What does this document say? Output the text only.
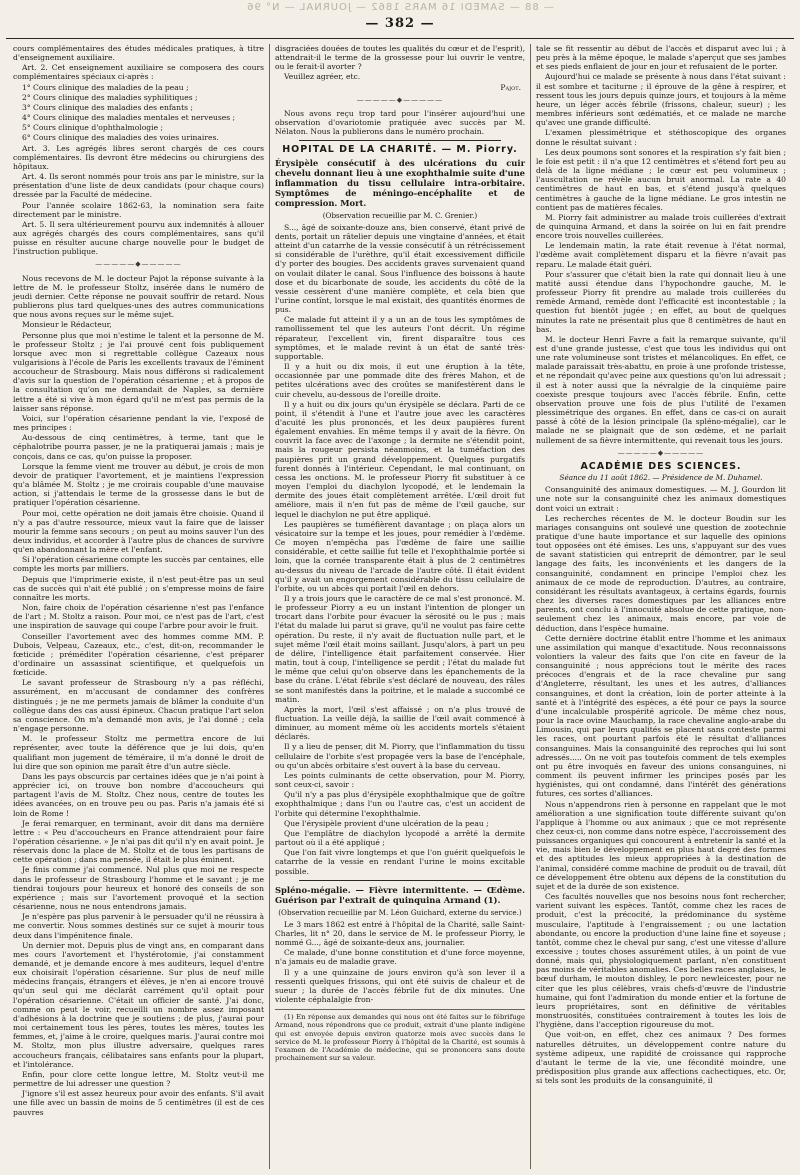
— 88 — SAMEDI 16 MARS 1862 — JOURNAL — N° 96
— 382 —

cours complémentaires des études médicales pratiques, à titre d'enseignement auxiliaire.

Art. 2. Cet enseignement auxiliaire se composera des cours complémentaires spéciaux ci-après :

1° Cours clinique des maladies de la peau ;

2° Cours clinique des maladies syphilitiques ;

3° Cours clinique des maladies des enfants ;

4° Cours clinique des maladies mentales et nerveuses ;

5° Cours clinique d'ophthalmologie ;

6° Cours clinique des maladies des voies urinaires.

Art. 3. Les agrégés libres seront chargés de ces cours complémentaires. Ils devront être médecins ou chirurgiens des hôpitaux.

Art. 4. Ils seront nommés pour trois ans par le ministre, sur la présentation d'une liste de deux candidats (pour chaque cours) dressée par la Faculté de médecine.

Pour l'année scolaire 1862-63, la nomination sera faite directement par le ministre.

Art. 5. Il sera ultérieurement pourvu aux indemnités à allouer aux agrégés chargés des cours complémentaires, sans qu'il puisse en résulter aucune charge nouvelle pour le budget de l'instruction publique.

—————◆—————

Nous recevons de M. le docteur Pajot la réponse suivante à la lettre de M. le professeur Stoltz, insérée dans le numéro de jeudi dernier. Cette réponse ne pouvait souffrir de retard. Nous publierons plus tard quelques-unes des autres communications que nous avons reçues sur le même sujet.

Monsieur le Rédacteur,

Personne plus que moi n'estime le talent et la personne de M. le professeur Stoltz ; je l'ai prouvé cent fois publiquement lorsque avec mon si regrettable collègue Cazeaux nous vulgarisions à l'école de Paris les excellents travaux de l'éminent accoucheur de Strasbourg. Mais nous différons si radicalement d'avis sur la question de l'opération césarienne ; et à propos de la consultation qu'on me demandait de Naples, sa dernière lettre a été si vive à mon égard qu'il ne m'est pas permis de la laisser sans réponse.

Voici, sur l'opération césarienne pendant la vie, l'exposé de mes principes :

Au-dessous de cinq centimètres, à terme, tant que le céphalotribe pourra passer, je ne la pratiquerai jamais ; mais je conçois, dans ce cas, qu'on puisse la proposer.

Lorsque la femme vient me trouver au début, je crois de mon devoir de pratiquer l'avortement, et je maintiens l'expression qu'a blâmée M. Stoltz ; je me croirais coupable d'une mauvaise action, si j'attendais le terme de la grossesse dans le but de pratiquer l'opération césarienne.

Pour moi, cette opération ne doit jamais être choisie. Quand il n'y a pas d'autre ressource, mieux vaut la faire que de laisser mourir la femme sans secours ; on peut au moins sauver l'un des deux individus, et accorder à l'autre plus de chances de survivre qu'en abandonnant la mère et l'enfant.

Si l'opération césarienne compte les succès par centaines, elle compte les morts par milliers.

Depuis que l'imprimerie existe, il n'est peut-être pas un seul cas de succès qui n'ait été publié ; on s'empresse moins de faire connaître les morts.

Non, faire choix de l'opération césarienne n'est pas l'enfance de l'art ; M. Stoltz a raison. Pour moi, ce n'est pas de l'art, c'est une inspiration de sauvage qui coupe l'arbre pour avoir le fruit.

Conseiller l'avortement avec des hommes comme MM. P. Dubois, Velpeau, Cazeaux, etc., c'est, dit-on, recommander le fœticide ; préméditer l'opération césarienne, c'est préparer d'ordinaire un assassinat scientifique, et quelquefois un fœticide.

Le savant professeur de Strasbourg n'y a pas réfléchi, assurément, en m'accusant de condamner des confrères distingués ; je ne me permets jamais de blâmer la conduite d'un collègue dans des cas aussi épineux. Chacun pratique l'art selon sa conscience. On m'a demandé mon avis, je l'ai donné ; cela n'engage personne.

M. le professeur Stoltz me permettra encore de lui représenter, avec toute la déférence que je lui dois, qu'en qualifiant mon jugement de téméraire, il m'a donné le droit de lui dire que son opinion me paraît être d'un autre siècle.

Dans les pays obscurcis par certaines idées que je n'ai point à apprécier ici, on trouve bon nombre d'accoucheurs qui partagent l'avis de M. Stoltz. Chez nous, centre de toutes les idées avancées, on en trouve peu ou pas. Paris n'a jamais été si loin de Rome !

Je ferai remarquer, en terminant, avoir dit dans ma dernière lettre : « Peu d'accoucheurs en France attendraient pour faire l'opération césarienne. » Je n'ai pas dit qu'il n'y en avait point. Je réservais donc la place de M. Stoltz et de tous les partisans de cette opération ; dans ma pensée, il était le plus éminent.

Je finis comme j'ai commencé. Nul plus que moi ne respecte dans le professeur de Strasbourg l'homme et le savant ; je me tiendrai toujours pour heureux et honoré des conseils de son expérience ; mais sur l'avortement provoqué et la section césarienne, nous ne nous entendrons jamais.

Je n'espère pas plus parvenir à le persuader qu'il ne réussira à me convertir. Nous sommes destinés sur ce sujet à mourir tous deux dans l'impénitence finale.

Un dernier mot. Depuis plus de vingt ans, en comparant dans mes cours l'avortement et l'hystérotomie, j'ai constamment demandé, et je demande encore à mes auditeurs, lequel d'entre eux choisirait l'opération césarienne. Sur plus de neuf mille médecins français, étrangers et élèves, je n'en ai encore trouvé qu'un seul qui me déclarât carrément qu'il optait pour l'opération césarienne. C'était un officier de santé. J'ai donc, comme on peut le voir, recueilli un nombre assez imposant d'adhésions à la doctrine que je soutiens ; de plus, j'aurai pour moi certainement tous les pères, toutes les mères, toutes les femmes, et, j'aime à le croire, quelques maris. J'aurai contre moi M. Stoltz, mon plus illustre adversaire, quelques rares accoucheurs français, célibataires sans enfants pour la plupart, et l'intolérance.

Enfin, pour clore cette longue lettre, M. Stoltz veut-il me permettre de lui adresser une question ?

J'ignore s'il est assez heureux pour avoir des enfants. S'il avait une fille avec un bassin de moins de 5 centimètres (il est de ces pauvres

disgraciées douées de toutes les qualités du cœur et de l'esprit), attendrait-il le terme de la grossesse pour lui ouvrir le ventre, ou le ferait-il avorter ?

Veuillez agréer, etc.

Pajot.
—————◆—————

Nous avons reçu trop tard pour l'insérer aujourd'hui une observation d'ovariotomie pratiquée avec succès par M. Nélaton. Nous la publierons dans le numéro prochain.

HOPITAL DE LA CHARITÉ. — M. Piorry.
Érysipèle consécutif à des ulcérations du cuir chevelu donnant lieu à une exophthalmie suite d'une inflammation du tissu cellulaire intra-orbitaire. Symptômes de méningo-encéphalite et de compression. Mort.
(Observation recueillie par M. C. Grenier.)

S..., âgé de soixante-douze ans, bien conservé, étant privé de dents, portait un râtelier depuis une vingtaine d'années, et était atteint d'un catarrhe de la vessie consécutif à un rétrécissement si considérable de l'urèthre, qu'il était excessivement difficile d'y porter des bougies. Des accidents graves survenaient quand on voulait dilater le canal. Sous l'influence des boissons à haute dose et du bicarbonate de soude, les accidents du côté de la vessie cessèrent d'une manière complète, et cela bien que l'urine contînt, lorsque le mal existait, des quantités énormes de pus.

Ce malade fut atteint il y a un an de tous les symptômes de ramollissement tel que les auteurs l'ont décrit. Un régime réparateur, l'excellent vin, firent disparaître tous ces symptômes, et le malade revint à un état de santé très-supportable.

Il y a huit ou dix mois, il eut une éruption à la tête, occasionnée par une pommade dite des frères Mahon, et de petites ulcérations avec des croûtes se manifestèrent dans le cuir chevelu, au-dessous de l'oreille droite.

Il y a huit ou dix jours qu'un érysipèle se déclara. Parti de ce point, il s'étendit à l'une et l'autre joue avec les caractères d'acuité les plus prononcés, et les deux paupières furent également envahies. En même temps il y avait de la fièvre. On couvrit la face avec de l'axonge ; la dermite ne s'étendit point, mais la rougeur persista néanmoins, et la tuméfaction des paupières prit un grand développement. Quelques purgatifs furent donnés à l'intérieur. Cependant, le mal continuant, on cessa les onctions. M. le professeur Piorry fit substituer à ce moyen l'emploi du diachylon lycopodé, et le lendemain la dermite des joues était complètement arrêtée. L'œil droit fut améliore, mais il n'en fut pas de même de l'œil gauche, sur lequel le diachylon ne put être appliqué.

Les paupières se tuméfièrent davantage ; on plaça alors un vésicatoire sur la tempe et les joues, pour remédier à l'œdème. Ce moyen n'empêcha pas l'œdème de faire une saillie considérable, et cette saillie fut telle et l'exophthalmie portée si loin, que la cornée transparente était à plus de 2 centimètres au-dessus du niveau de l'arcade de l'autre côté. Il était évident qu'il y avait un engorgement considérable du tissu cellulaire de l'orbite, ou un abcès qui portait l'œil en dehors.

Il y a trois jours que le caractère de ce mal s'est prononcé. M. le professeur Piorry a eu un instant l'intention de plonger un trocart dans l'orbite pour évacuer la sérosité ou le pus ; mais l'état du malade lui parut si grave, qu'il ne voulut pas faire cette opération. Du reste, il n'y avait de fluctuation nulle part, et le sujet même l'œil était moins saillant. Jusqu'alors, à part un peu de délire, l'intelligence était parfaitement conservée. Hier matin, tout à coup, l'intelligence se perdit ; l'état du malade fut le même que celui qu'on observe dans les épanchements de la base du crâne. L'état fébrile s'est déclaré de nouveau, des râles se sont manifestés dans la poitrine, et le malade a succombé ce matin.

Après la mort, l'œil s'est affaissé ; on n'a plus trouvé de fluctuation. La veille déjà, la saillie de l'œil avait commencé à diminuer, au moment même où les accidents mortels s'étaient déclarés.

Il y a lieu de penser, dit M. Piorry, que l'inflammation du tissu cellulaire de l'orbite s'est propagée vers la base de l'encéphale, ou qu'un abcès orbitaire s'est ouvert à la base du cerveau.

Les points culminants de cette observation, pour M. Piorry, sont ceux-ci, savoir :

Qu'il n'y a pas plus d'érysipèle exophthalmique que de goître exophthalmique ; dans l'un ou l'autre cas, c'est un accident de l'orbite qui détermine l'exophthalmie.

Que l'érysipèle provient d'une ulcération de la peau ;

Que l'emplâtre de diachylon lycopodé a arrêté la dermite partout où il a été appliqué ;

Que l'on fait vivre longtemps et que l'on guérit quelquefois le catarrhe de la vessie en rendant l'urine le moins excitable possible.

Spléno-mégalie. — Fièvre intermittente. — Œdème. Guérison par l'extrait de quinquina Armand (1).
(Observation recueillie par M. Léon Guichard, externe du service.)

Le 3 mars 1862 est entré à l'hôpital de la Charité, salle Saint-Charles, lit n° 20, dans le service de M. le professeur Piorry, le nommé G..., âgé de soixante-deux ans, journalier.

Ce malade, d'une bonne constitution et d'une force moyenne, n'a jamais eu de maladie grave.

Il y a une quinzaine de jours environ qu'à son lever il a ressenti quelques frissons, qui ont été suivis de chaleur et de sueur ; la durée de l'accès fébrile fut de dix minutes. Une violente céphalalgie fron-

(1) En réponse aux demandes qui nous ont été faites sur le fébrifuge Armand, nous répondrons que ce produit, extrait d'une plante indigène qui est envoyée depuis environ quatorze mois avec succès dans le service de M. le professeur Piorry à l'hôpital de la Charité, est soumis à l'examen de l'Académie de médecine, qui se prononcera sans doute prochainement sur sa valeur.

tale se fit ressentir au début de l'accès et disparut avec lui ; à peu près à la même époque, le malade s'aperçut que ses jambes et ses pieds enflaient de jour en jour et refusaient de le porter.

Aujourd'hui ce malade se présente à nous dans l'état suivant : il est sombre et taciturne ; il éprouve de la gêne à respirer, et ressent tous les jours depuis quinze jours, et toujours à la même heure, un léger accès fébrile (frissons, chaleur, sueur) ; les membres inférieurs sont œdématiés, et ce malade ne marche qu'avec une grande difficulté.

L'examen plessimétrique et stéthoscopique des organes donne le résultat suivant :

Les deux poumons sont sonores et la respiration s'y fait bien ; le foie est petit : il n'a que 12 centimètres et s'étend fort peu au delà de la ligne médiane ; le cœur est peu volumineux ; l'auscultation ne révèle aucun bruit anormal. La rate a 40 centimètres de haut en bas, et s'étend jusqu'à quelques centimètres à gauche de la ligne médiane. Le gros intestin ne contient pas de matières fécales.

M. Piorry fait administrer au malade trois cuillerées d'extrait de quinquina Armand, et dans la soirée on lui en fait prendre encore trois nouvelles cuillerées.

Le lendemain matin, la rate était revenue à l'état normal, l'œdème avait complètement disparu et la fièvre n'avait pas reparu. Le malade était guéri.

Pour s'assurer que c'était bien la rate qui donnait lieu à une matité aussi étendue dans l'hypochondre gauche, M. le professeur Piorry fit prendre au malade trois cuillerées du remède Armand, remède dont l'efficacité est incontestable ; la question fut bientôt jugée ; en effet, au bout de quelques minutes la rate ne présentait plus que 8 centimètres de haut en bas.

M. le docteur Henri Favre a fait la remarque suivante, qu'il est d'une grande justesse, c'est que tous les individus qui ont une rate volumineuse sont tristes et mélancoliques. En effet, ce malade paraissait très-abattu, en proie à une profonde tristesse, et ne répondait qu'avec peine aux questions qu'on lui adressait ; il est à noter aussi que la névralgie de la cinquième paire coexiste presque toujours avec l'accès fébrile. Enfin, cette observation prouve une fois de plus l'utilité de l'examen plessimétrique des organes. En effet, dans ce cas-ci on aurait passé à côté de la lésion principale (la spléno-mégalie), car le malade ne se plaignait que de son œdème, et ne parlait nullement de sa fièvre intermittente, qui revenait tous les jours.

—————◆—————
ACADÉMIE DES SCIENCES.
Séance du 11 août 1862. — Présidence de M. Duhamel.

Consanguinité des animaux domestiques. — M. J. Gourdon lit une note sur la consanguinité chez les animaux domestiques dont voici un extrait :

Les recherches récentes de M. le docteur Boudin sur les mariages consanguins ont soulevé une question de zootechnie pratique d'une haute importance et sur laquelle des opinions tout opposées ont été émises. Les uns, s'appuyant sur des vues de savant statisticien qui entreprit de démontrer, par le seul langage des faits, les inconvénients et les dangers de la consanguinité, condamnent en principe l'emploi chez les animaux de ce mode de reproduction. D'autres, au contraire, considérant les résultats avantageux, à certains égards, fournis chez les diverses races domestiques par les alliances entre parents, ont conclu à l'innocuité absolue de cette pratique, non-seulement chez les animaux, mais encore, par voie de déduction, dans l'espèce humaine.

Cette dernière doctrine établit entre l'homme et les animaux une assimilation qui manque d'exactitude. Nous reconnaissons volontiers la valeur des faits que l'on cite en faveur de la consanguinité ; nous apprécions tout le mérite des races précoces d'engrais et de la race chevaline pur sang d'Angleterre, résultant, les unes et les autres, d'alliances consanguines, et dont la création, loin de porter atteinte à la santé et à l'intégrité des espèces, a été pour ce pays la source d'une incalculable prospérité agricole. De même chez nous, pour la race ovine Mauchamp, la race chevaline anglo-arabe du Limousin, qui par leurs qualités se placent sans conteste parmi les races, ont pourtant parfois été le résultat d'alliances consanguines. Mais la consanguinité des reproches qui lui sont adressés..... On ne voit pas toutefois comment de tels exemples ont pu être invoqués en faveur des unions consanguines, ni comment ils peuvent infirmer les principes posés par les hygiénistes, qui ont condamné, dans l'intérêt des générations futures, ces sortes d'alliances.

Nous n'appendrons rien à personne en rappelant que le mot amélioration a une signification toute différente suivant qu'on l'applique à l'homme ou aux animaux ; que ce mot représente chez ceux-ci, non comme dans notre espèce, l'accroissement des puissances organiques qui concourent à entretenir la santé et la vie, mais bien le développement en plus haut degré des formes et des aptitudes les mieux appropriées à la destination de l'animal, considéré comme machine de produit ou de travail, dût ce développement être obtenu aux dépens de la constitution du sujet et de la durée de son existence.

Ces facultés nouvelles que nos besoins nous font rechercher, varient suivant les espèces. Tantôt, comme chez les races de produit, c'est la précocité, la prédominance du système musculaire, l'aptitude à l'engraissement ; ou une lactation abondante, ou encore la production d'une laine fine et soyeuse ; tantôt, comme chez le cheval pur sang, c'est une vitesse d'allure excessive ; toutes choses assurément utiles, à un point de vue donné, mais qui, physiologiquement parlant, n'en constituent pas moins de véritables anomalies. Ces belles races anglaises, le bœuf durham, le mouton dishley, le porc newleicester, pour ne citer que les plus célèbres, vrais chefs-d'œuvre de l'industrie humaine, qui font l'admiration du monde entier et la fortune de leurs propriétaires, sont en définitive de véritables monstruosités, constituées contrairement à toutes les lois de l'hygiène, dans l'acception rigoureuse du mot.

Que voit-on, en effet, chez ces animaux ? Des formes naturelles détruites, un développement contre nature du système adipeux, une rapidité de croissance qui rapproche d'autant le terme de la vie, une fécondité moindre, une prédisposition plus grande aux affections cachectiques, etc. Or, si tels sont les produits de la consanguinité, il
